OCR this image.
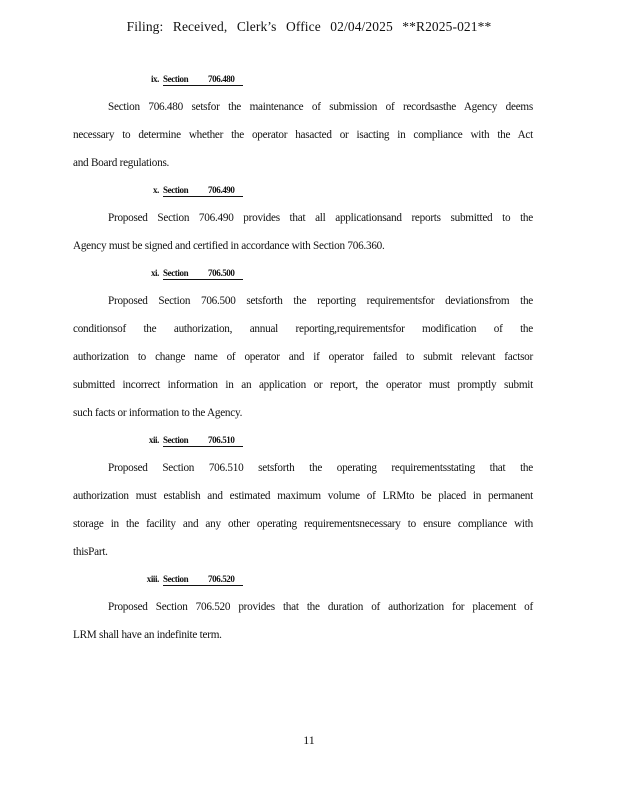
Filing: Received, Clerk’s Office 02/04/2025 **R2025-021**
ix. Section 706.480
Section 706.480 setsfor the maintenance of submission of recordsasthe Agency deems
necessary to determine whether the operator hasacted or isacting in compliance with the Act
and Board regulations.
x. Section 706.490
Proposed Section 706.490 provides that all applicationsand reports submitted to the
Agency must be signed and certified in accordance with Section 706.360.
xi. Section 706.500
Proposed Section 706.500 setsforth the reporting requirementsfor deviationsfrom the
conditionsof the authorization, annual reporting,requirementsfor modification of the
authorization to change name of operator and if operator failed to submit relevant factsor
submitted incorrect information in an application or report, the operator must promptly submit
such facts or information to the Agency.
xii. Section 706.510
Proposed Section 706.510 setsforth the operating requirementsstating that the
authorization must establish and estimated maximum volume of LRMto be placed in permanent
storage in the facility and any other operating requirementsnecessary to ensure compliance with
thisPart.
xiii. Section 706.520
Proposed Section 706.520 provides that the duration of authorization for placement of
LRM shall have an indefinite term.
11
